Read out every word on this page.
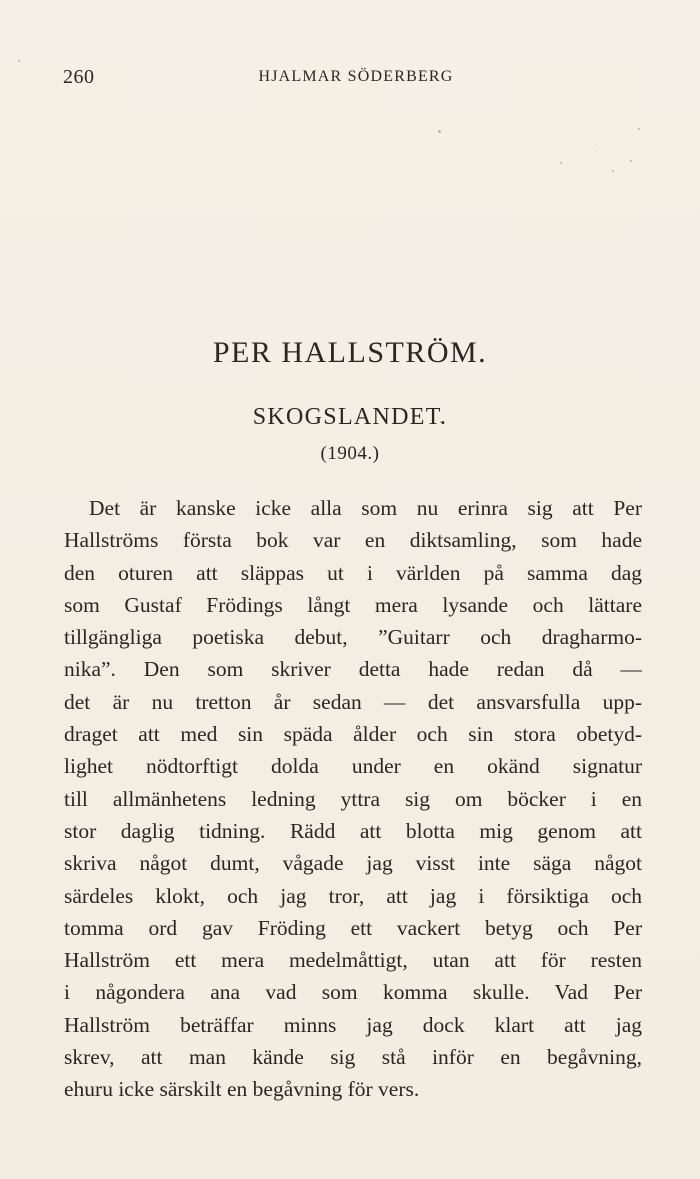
260	HJALMAR SÖDERBERG
PER HALLSTRÖM.
SKOGSLANDET.
(1904.)
Det är kanske icke alla som nu erinra sig att Per
Hallströms första bok var en diktsamling, som hade
den oturen att släppas ut i världen på samma dag
som Gustaf Frödings långt mera lysande och lättare
tillgängliga poetiska debut, ”Guitarr och dragharmo-
nika”. Den som skriver detta hade redan då —
det är nu tretton år sedan — det ansvarsfulla upp-
draget att med sin späda ålder och sin stora obetyd-
lighet nödtorftigt dolda under en okänd signatur
till allmänhetens ledning yttra sig om böcker i en
stor daglig tidning. Rädd att blotta mig genom att
skriva något dumt, vågade jag visst inte säga något
särdeles klokt, och jag tror, att jag i försiktiga och
tomma ord gav Fröding ett vackert betyg och Per
Hallström ett mera medelmåttigt, utan att för resten
i någondera ana vad som komma skulle. Vad Per
Hallström beträffar minns jag dock klart att jag
skrev, att man kände sig stå inför en begåvning,
ehuru icke särskilt en begåvning för vers.
